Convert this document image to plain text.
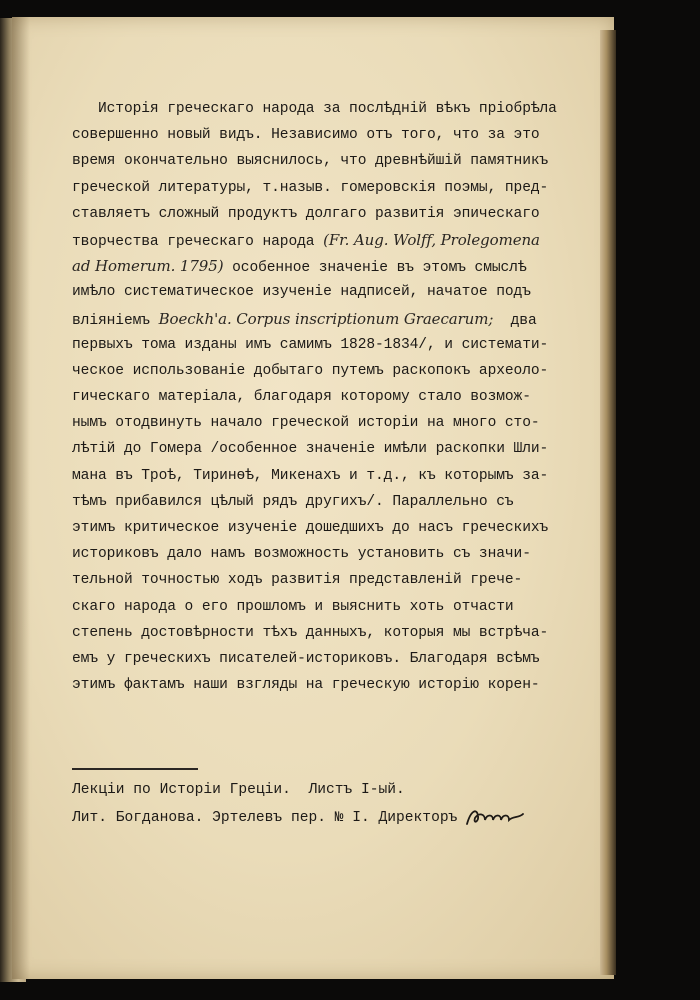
Исторія греческаго народа за послѣдній вѣкъ пріобрѣла
совершенно новый видъ. Независимо отъ того, что за это
время окончательно выяснилось, что древнѣйшій памятникъ
греческой литературы, т.назыв. гомеровскія поэмы, пред-
ставляетъ сложный продуктъ долгаго развитія эпическаго
творчества греческаго народа (Fr. Aug. Wolff, Prolegomena
ad Homerum. 1795) особенное значеніе въ этомъ смыслѣ
имѣло систематическое изученіе надписей, начатое подъ
вліяніемъ Boeckh'a. Corpus inscriptionum Graecarum; два
первыхъ тома изданы имъ самимъ 1828-1834/, и системати-
ческое использованіе добытаго путемъ раскопокъ археоло-
гическаго матеріала, благодаря которому стало возмож-
нымъ отодвинуть начало греческой исторіи на много сто-
лѣтій до Гомера /особенное значеніе имѣли раскопки Шли-
мана въ Троѣ, Тиринѳѣ, Микенахъ и т.д., къ которымъ за-
тѣмъ прибавился цѣлый рядъ другихъ/. Параллельно съ
этимъ критическое изученіе дошедшихъ до насъ греческихъ
историковъ дало намъ возможность установить съ значи-
тельной точностью ходъ развитія представленій грече-
скаго народа о его прошломъ и выяснить хоть отчасти
степень достовѣрности тѣхъ данныхъ, которыя мы встрѣча-
емъ у греческихъ писателей-историковъ. Благодаря всѣмъ
этимъ фактамъ наши взгляды на греческую исторію корен-
Лекціи по Исторіи Греціи.  Листъ I-ый.
Лит. Богданова. Эртелевъ пер. № I. Директоръ
